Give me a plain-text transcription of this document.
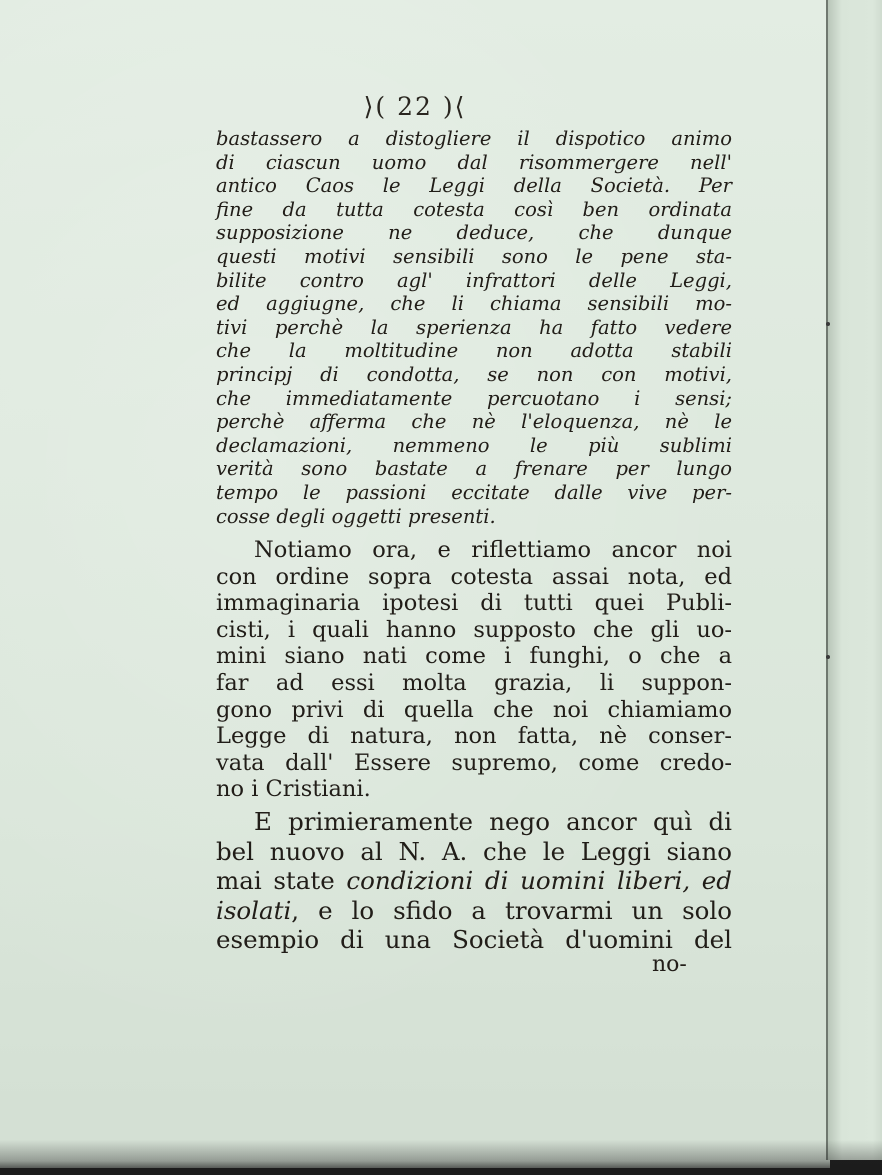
⟩( 22 )⟨
bastassero a distogliere il dispotico animo
di ciascun uomo dal risommergere nell'
antico Caos le Leggi della Società. Per
fine da tutta cotesta così ben ordinata
supposizione ne deduce, che dunque
questi motivi sensibili sono le pene sta-
bilite contro agl' infrattori delle Leggi,
ed aggiugne, che li chiama sensibili mo-
tivi perchè la sperienza ha fatto vedere
che la moltitudine non adotta stabili
principj di condotta, se non con motivi,
che immediatamente percuotano i sensi;
perchè afferma che nè l'eloquenza, nè le
declamazioni, nemmeno le più sublimi
verità sono bastate a frenare per lungo
tempo le passioni eccitate dalle vive per-
cosse degli oggetti presenti.
Notiamo ora, e riflettiamo ancor noi
con ordine sopra cotesta assai nota, ed
immaginaria ipotesi di tutti quei Publi-
cisti, i quali hanno supposto che gli uo-
mini siano nati come i funghi, o che a
far ad essi molta grazia, li suppon-
gono privi di quella che noi chiamiamo
Legge di natura, non fatta, nè conser-
vata dall' Essere supremo, come credo-
no i Cristiani.
E primieramente nego ancor quì di
bel nuovo al N. A. che le Leggi siano
mai state condizioni di uomini liberi, ed
isolati, e lo sfido a trovarmi un solo
esempio di una Società d'uomini del
no-
